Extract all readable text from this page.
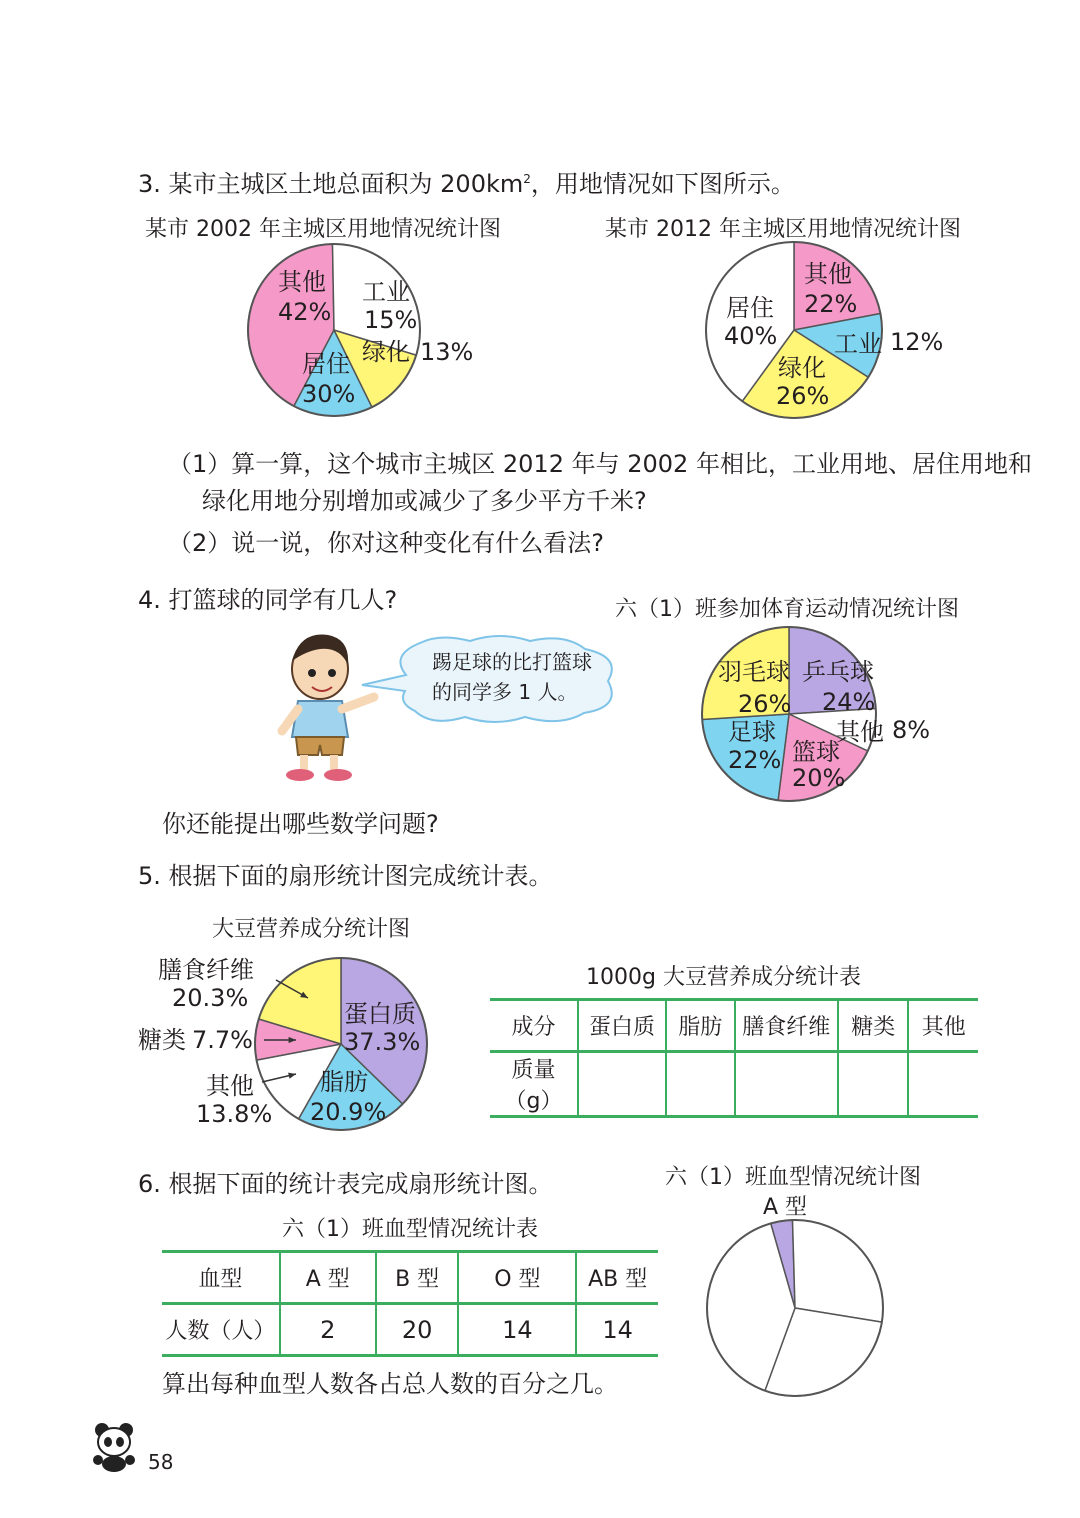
3. 某市主城区土地总面积为 $200km^2$，用地情况如下图所示。
某市 2002 年主城区用地情况统计图	某市 2012 年主城区用地情况统计图
其他
42%
工业
15%
绿化 13%
居住
30%
其他
22%
工业 12%
绿化
26%
居住
40%
乒乓球
24%
其他 8%
篮球
20%
足球
22%
羽毛球
26%
蛋白质
37.3%
脂肪
20.9%
其他
13.8%
糖类 7.7%
膳食纤维
20.3%
（1）算一算，这个城市主城区 2012 年与 2002 年相比，工业用地、居住用地和
绿化用地分别增加或减少了多少平方千米?
（2）说一说，你对这种变化有什么看法?
4. 打篮球的同学有几人?	六（1）班参加体育运动情况统计图
踢足球的比打篮球
的同学多 1 人。
你还能提出哪些数学问题?
5. 根据下面的扇形统计图完成统计表。
大豆营养成分统计图
1000g 大豆营养成分统计表
成分	蛋白质	脂肪	膳食纤维	糖类	其他
质量（g）					
6. 根据下面的统计表完成扇形统计图。	六（1）班血型情况统计图
六（1）班血型情况统计表
血型	A 型	B 型	O 型	AB 型
人数（人）	2	20	14	14
算出每种血型人数各占总人数的百分之几。
A 型
58
